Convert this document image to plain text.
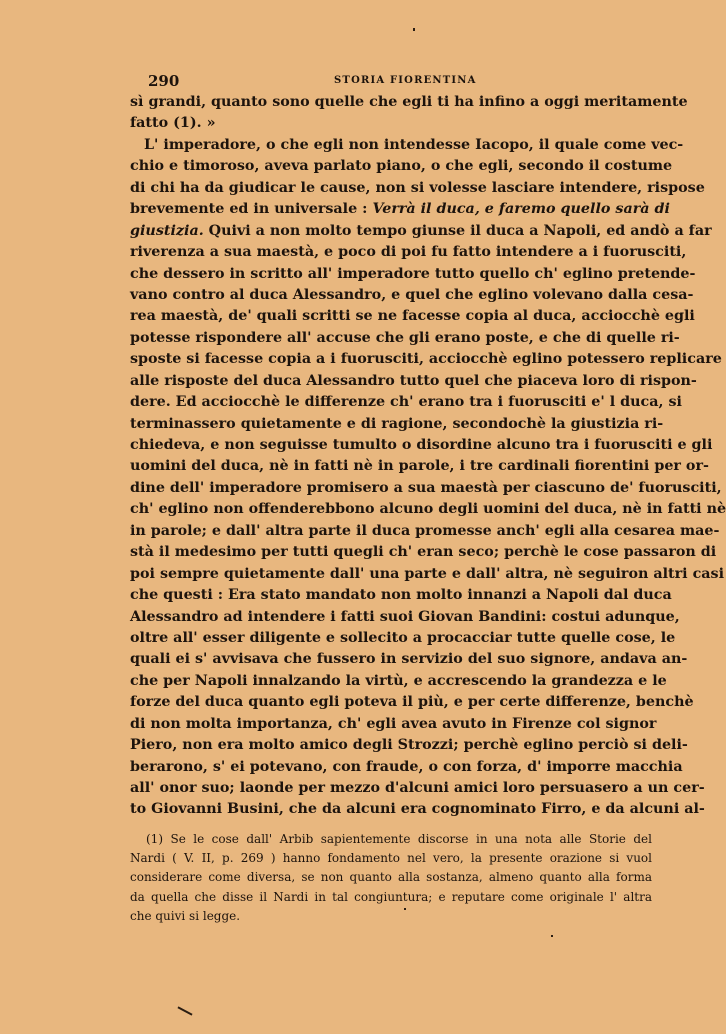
290	STORIA FIORENTINA
sì grandi, quanto sono quelle che egli ti ha infino a oggi meritamente
fatto (1). »
L' imperadore, o che egli non intendesse Iacopo, il quale come vec-
chio e timoroso, aveva parlato piano, o che egli, secondo il costume
di chi ha da giudicar le cause, non si volesse lasciare intendere, rispose
brevemente ed in universale : Verrà il duca, e faremo quello sarà di
giustizia. Quivi a non molto tempo giunse il duca a Napoli, ed andò a far
riverenza a sua maestà, e poco di poi fu fatto intendere a i fuorusciti,
che dessero in scritto all' imperadore tutto quello ch' eglino pretende-
vano contro al duca Alessandro, e quel che eglino volevano dalla cesa-
rea maestà, de' quali scritti se ne facesse copia al duca, acciocchè egli
potesse rispondere all' accuse che gli erano poste, e che di quelle ri-
sposte si facesse copia a i fuorusciti, acciocchè eglino potessero replicare
alle risposte del duca Alessandro tutto quel che piaceva loro di rispon-
dere. Ed acciocchè le differenze ch' erano tra i fuorusciti e' l duca, si
terminassero quietamente e di ragione, secondochè la giustizia ri-
chiedeva, e non seguisse tumulto o disordine alcuno tra i fuorusciti e gli
uomini del duca, nè in fatti nè in parole, i tre cardinali fiorentini per or-
dine dell' imperadore promisero a sua maestà per ciascuno de' fuorusciti,
ch' eglino non offenderebbono alcuno degli uomini del duca, nè in fatti nè
in parole; e dall' altra parte il duca promesse anch' egli alla cesarea mae-
stà il medesimo per tutti quegli ch' eran seco; perchè le cose passaron di
poi sempre quietamente dall' una parte e dall' altra, nè seguiron altri casi
che questi : Era stato mandato non molto innanzi a Napoli dal duca
Alessandro ad intendere i fatti suoi Giovan Bandini: costui adunque,
oltre all' esser diligente e sollecito a procacciar tutte quelle cose, le
quali ei s' avvisava che fussero in servizio del suo signore, andava an-
che per Napoli innalzando la virtù, e accrescendo la grandezza e le
forze del duca quanto egli poteva il più, e per certe differenze, benchè
di non molta importanza, ch' egli avea avuto in Firenze col signor
Piero, non era molto amico degli Strozzi; perchè eglino perciò si deli-
berarono, s' ei potevano, con fraude, o con forza, d' imporre macchia
all' onor suo; laonde per mezzo d'alcuni amici loro persuasero a un cer-
to Giovanni Busini, che da alcuni era cognominato Firro, e da alcuni al-
(1) Se le cose dall' Arbib sapientemente discorse in una nota alle Storie del
Nardi ( V. II, p. 269 ) hanno fondamento nel vero, la presente orazione si vuol
considerare come diversa, se non quanto alla sostanza, almeno quanto alla forma
da quella che disse il Nardi in tal congiuntura; e reputare come originale l' altra
che quivi si legge.
